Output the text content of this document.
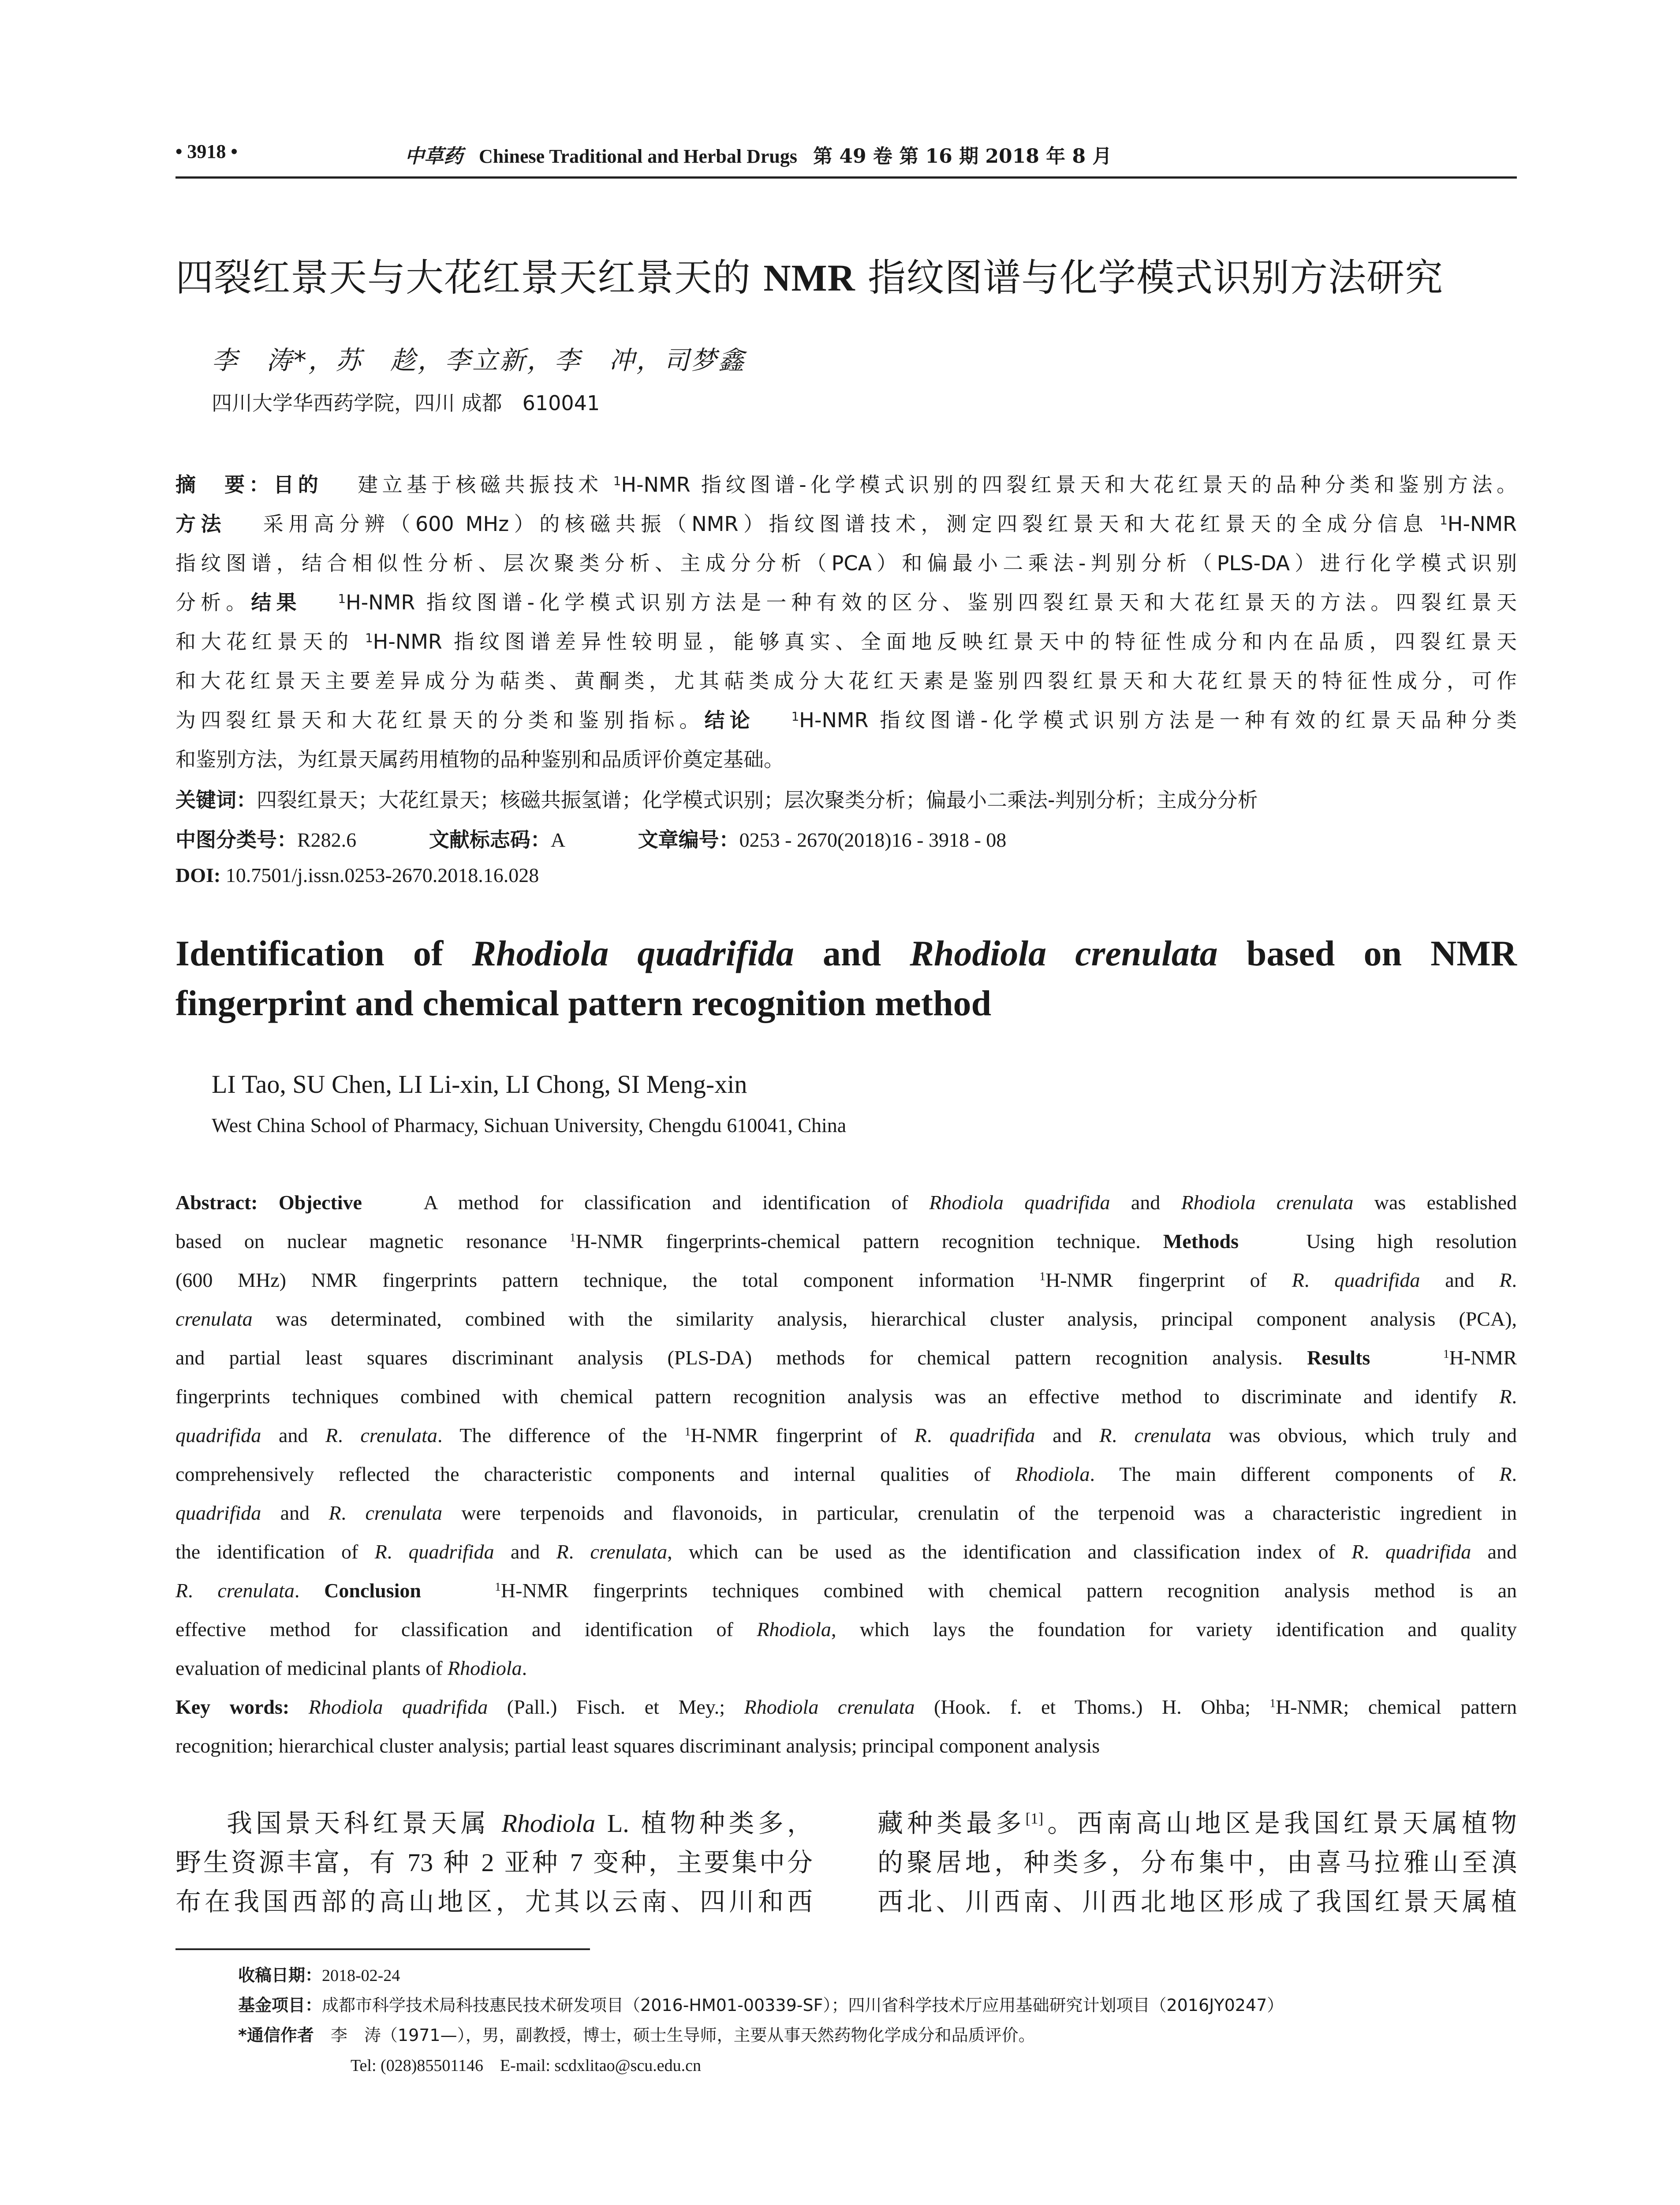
• 3918 •	中草药 Chinese Traditional and Herbal Drugs 第 49 卷 第 16 期 2018 年 8 月
四裂红景天与大花红景天红景天的 NMR 指纹图谱与化学模式识别方法研究
李　涛*，苏　趁，李立新，李　冲，司梦鑫
四川大学华西药学院，四川 成都　610041
摘　要：目的　 建立基于核磁共振技术 $^1$H-NMR 指纹图谱-化学模式识别的四裂红景天和大花红景天的品种分类和鉴别方法。
方法　 采用高分辨（600 MHz）的核磁共振（NMR）指纹图谱技术，测定四裂红景天和大花红景天的全成分信息 $^1$H-NMR
指纹图谱，结合相似性分析、层次聚类分析、主成分分析（PCA）和偏最小二乘法-判别分析（PLS-DA）进行化学模式识别
分析。结果　	$^1$H-NMR 指纹图谱-化学模式识别方法是一种有效的区分、鉴别四裂红景天和大花红景天的方法。四裂红景天
和大花红景天的 $^1$H-NMR 指纹图谱差异性较明显，能够真实、全面地反映红景天中的特征性成分和内在品质，四裂红景天
和大花红景天主要差异成分为萜类、黄酮类，尤其萜类成分大花红天素是鉴别四裂红景天和大花红景天的特征性成分，可作
为四裂红景天和大花红景天的分类和鉴别指标。结论　	$^1$H-NMR 指纹图谱-化学模式识别方法是一种有效的红景天品种分类
和鉴别方法，为红景天属药用植物的品种鉴别和品质评价奠定基础。
关键词：四裂红景天；大花红景天；核磁共振氢谱；化学模式识别；层次聚类分析；偏最小二乘法-判别分析；主成分分析
中图分类号：R282.6	文献标志码：A	文章编号：0253 - 2670(2018)16 - 3918 - 08
DOI: 10.7501/j.issn.0253-2670.2018.16.028
Identification of Rhodiola quadrifida and Rhodiola crenulata based on NMR
fingerprint and chemical pattern recognition method
LI Tao, SU Chen, LI Li-xin, LI Chong, SI Meng-xin
West China School of Pharmacy, Sichuan University, Chengdu 610041, China
Abstract: Objective   A method for classification and identification of Rhodiola quadrifida and Rhodiola crenulata was established
based on nuclear magnetic resonance $^1$H-NMR fingerprints-chemical pattern recognition technique. Methods   Using high resolution
(600 MHz) NMR fingerprints pattern technique, the total component information $^1$H-NMR fingerprint of R. quadrifida and R.
crenulata was determinated, combined with the similarity analysis, hierarchical cluster analysis, principal component analysis (PCA),
and partial least squares discriminant analysis (PLS-DA) methods for chemical pattern recognition analysis. Results	$^1$H-NMR
fingerprints techniques combined with chemical pattern recognition analysis was an effective method to discriminate and identify R.
quadrifida and R. crenulata. The difference of the $^1$H-NMR fingerprint of R. quadrifida and R. crenulata was obvious, which truly and
comprehensively reflected the characteristic components and internal qualities of Rhodiola. The main different components of R.
quadrifida and R. crenulata were terpenoids and flavonoids, in particular, crenulatin of the terpenoid was a characteristic ingredient in
the identification of R. quadrifida and R. crenulata, which can be used as the identification and classification index of R. quadrifida and
R. crenulata. Conclusion	$^1$H-NMR fingerprints techniques combined with chemical pattern recognition analysis method is an
effective method for classification and identification of Rhodiola, which lays the foundation for variety identification and quality
evaluation of medicinal plants of Rhodiola.
Key words: Rhodiola quadrifida (Pall.) Fisch. et Mey.; Rhodiola crenulata (Hook. f. et Thoms.) H. Ohba; $^1$H-NMR; chemical pattern
recognition; hierarchical cluster analysis; partial least squares discriminant analysis; principal component analysis
我国景天科红景天属 Rhodiola L. 植物种类多，
野生资源丰富，有 73 种 2 亚种 7 变种，主要集中分
布在我国西部的高山地区，尤其以云南、四川和西
藏种类最多[1]。西南高山地区是我国红景天属植物
的聚居地，种类多，分布集中，由喜马拉雅山至滇
西北、川西南、川西北地区形成了我国红景天属植
收稿日期：2018-02-24
基金项目：成都市科学技术局科技惠民技术研发项目（2016-HM01-00339-SF）；四川省科学技术厅应用基础研究计划项目（2016JY0247）
*通信作者　 李　涛（1971—），男，副教授，博士，硕士生导师，主要从事天然药物化学成分和品质评价。
Tel: (028)85501146　E-mail: scdxlitao@scu.edu.cn
